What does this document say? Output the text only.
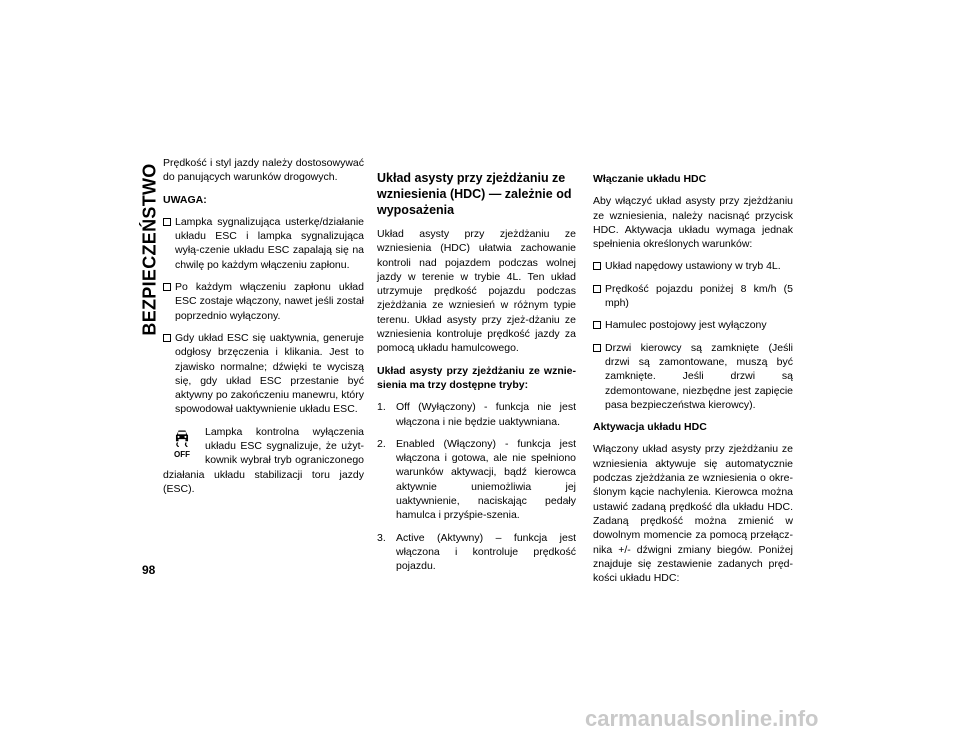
BEZPIECZEŃSTWO
98

Prędkość i styl jazdy należy dostosowywać do panujących warunków drogowych.

UWAGA:

Lampka sygnalizująca usterkę/działanie układu ESC i lampka sygnalizująca wyłą-czenie układu ESC zapalają się na chwilę po każdym włączeniu zapłonu.
Po każdym włączeniu zapłonu układ ESC zostaje włączony, nawet jeśli został poprzednio wyłączony.
Gdy układ ESC się uaktywnia, generuje odgłosy brzęczenia i klikania. Jest to zjawisko normalne; dźwięki te wyciszą się, gdy układ ESC przestanie być aktywny po zakończeniu manewru, który spowodował uaktywnienie układu ESC.
OFF
Lampka kontrolna wyłączenia układu ESC sygnalizuje, że użyt-kownik wybrał tryb ograniczonego działania układu stabilizacji toru jazdy (ESC).
Układ asysty przy zjeżdżaniu ze wzniesienia (HDC) — zależnie od wyposażenia

Układ asysty przy zjeżdżaniu ze wzniesienia (HDC) ułatwia zachowanie kontroli nad pojazdem podczas wolnej jazdy w terenie w trybie 4L. Ten układ utrzymuje prędkość pojazdu podczas zjeżdżania ze wzniesień w różnym typie terenu. Układ asysty przy zjeż-dżaniu ze wzniesienia kontroluje prędkość jazdy za pomocą układu hamulcowego.

Układ asysty przy zjeżdżaniu ze wznie-sienia ma trzy dostępne tryby:

1. Off (Wyłączony) - funkcja nie jest włączona i nie będzie uaktywniana.
2. Enabled (Włączony) - funkcja jest włączona i gotowa, ale nie spełniono warunków aktywacji, bądź kierowca aktywnie uniemożliwia jej uaktywnienie, naciskając pedały hamulca i przyśpie-szenia.
3. Active (Aktywny) – funkcja jest włączona i kontroluje prędkość pojazdu.
Włączanie układu HDC

Aby włączyć układ asysty przy zjeżdżaniu ze wzniesienia, należy nacisnąć przycisk HDC. Aktywacja układu wymaga jednak spełnienia określonych warunków:

Układ napędowy ustawiony w tryb 4L.
Prędkość pojazdu poniżej 8 km/h (5 mph)
Hamulec postojowy jest wyłączony
Drzwi kierowcy są zamknięte (Jeśli drzwi są zamontowane, muszą być zamknięte. Jeśli drzwi są zdemontowane, niezbędne jest zapięcie pasa bezpieczeństwa kierowcy).
Aktywacja układu HDC

Włączony układ asysty przy zjeżdżaniu ze wzniesienia aktywuje się automatycznie podczas zjeżdżania ze wzniesienia o okre-ślonym kącie nachylenia. Kierowca można ustawić zadaną prędkość dla układu HDC. Zadaną prędkość można zmienić w dowolnym momencie za pomocą przełącz-nika +/- dźwigni zmiany biegów. Poniżej znajduje się zestawienie zadanych pręd-kości układu HDC:

carmanualsonline.info
